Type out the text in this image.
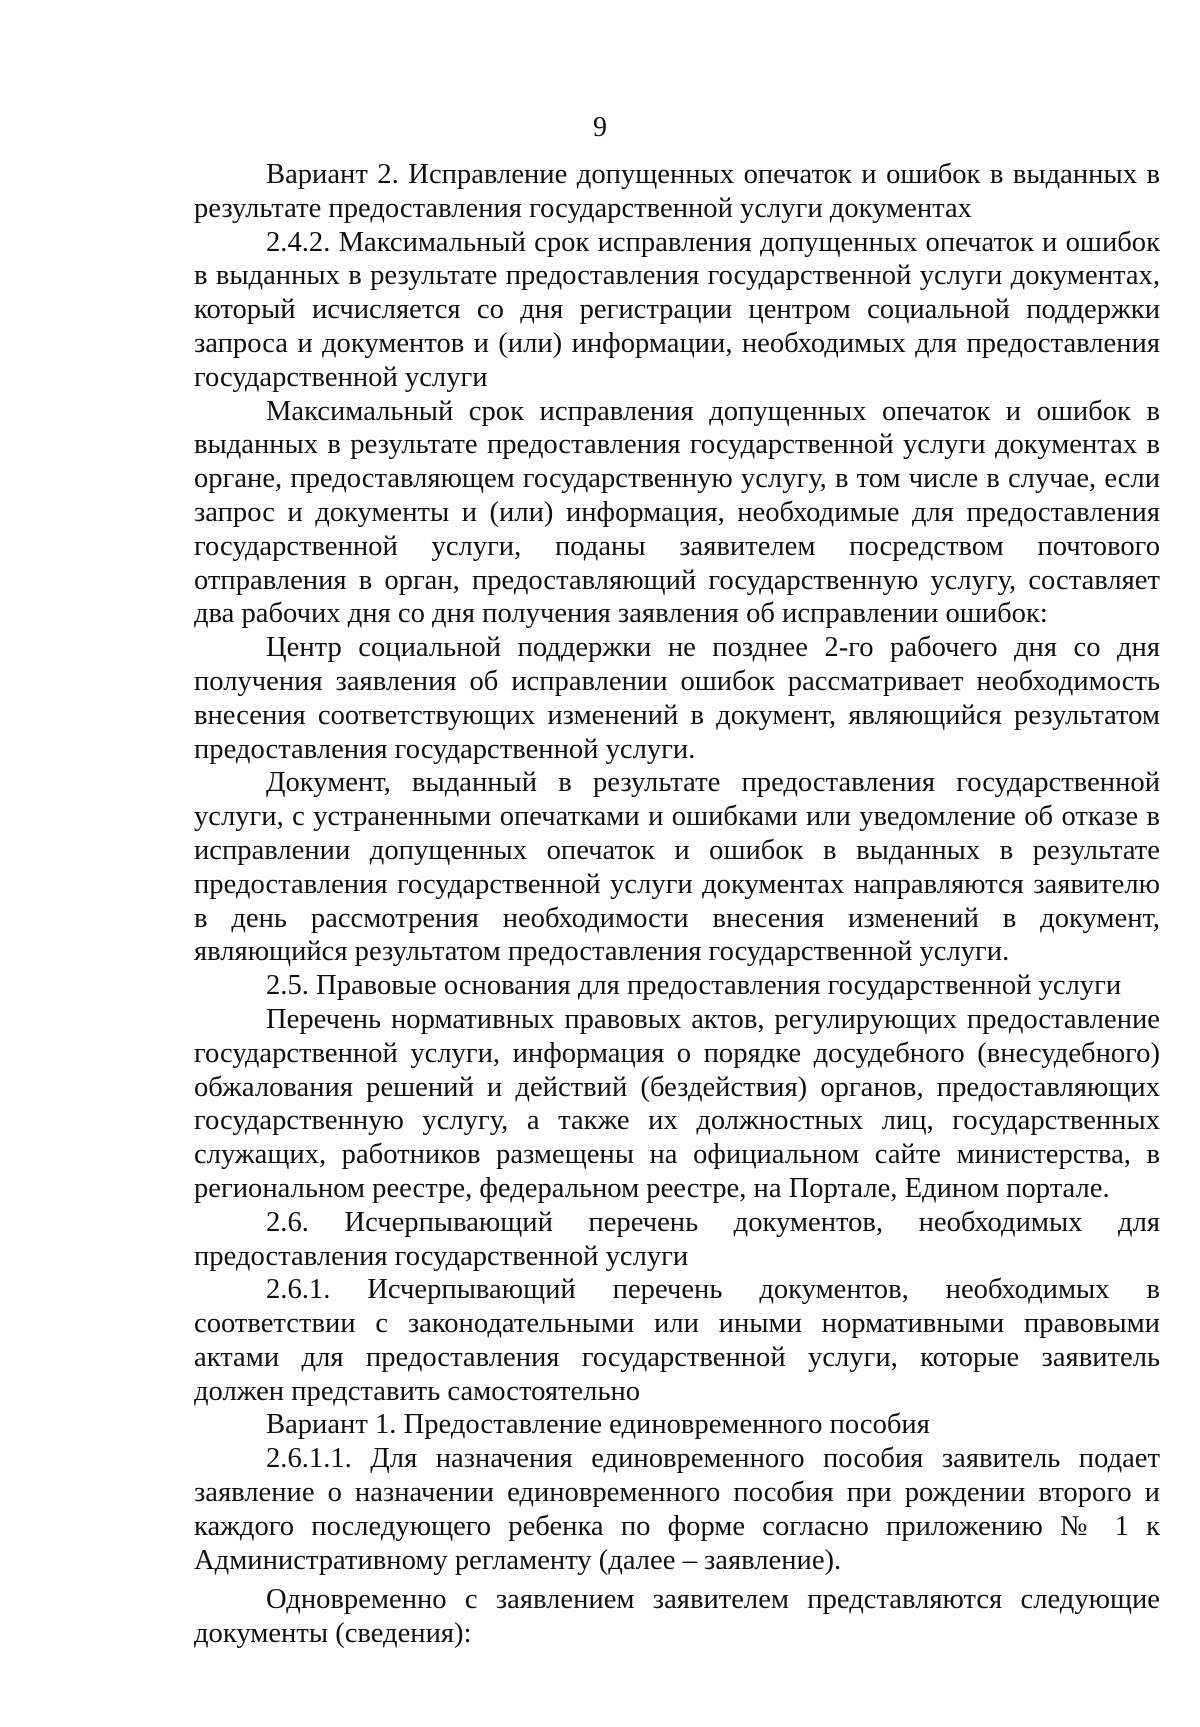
9

Вариант 2. Исправление допущенных опечаток и ошибок в выданных в результате предоставления государственной услуги документах

2.4.2. Максимальный срок исправления допущенных опечаток и ошибок в выданных в результате предоставления государственной услуги документах, который исчисляется со дня регистрации центром социальной поддержки запроса и документов и (или) информации, необходимых для предоставления государственной услуги

Максимальный срок исправления допущенных опечаток и ошибок в выданных в результате предоставления государственной услуги документах в органе, предоставляющем государственную услугу, в том числе в случае, если запрос и документы и (или) информация, необходимые для предоставления государственной услуги, поданы заявителем посредством почтового отправления в орган, предоставляющий государственную услугу, составляет два рабочих дня со дня получения заявления об исправлении ошибок:

Центр социальной поддержки не позднее 2-го рабочего дня со дня получения заявления об исправлении ошибок рассматривает необходимость внесения соответствующих изменений в документ, являющийся результатом предоставления государственной услуги.

Документ, выданный в результате предоставления государственной услуги, с устраненными опечатками и ошибками или уведомление об отказе в исправлении допущенных опечаток и ошибок в выданных в результате предоставления государственной услуги документах направляются заявителю в день рассмотрения необходимости внесения изменений в документ, являющийся результатом предоставления государственной услуги.

2.5. Правовые основания для предоставления государственной услуги

Перечень нормативных правовых актов, регулирующих предоставление государственной услуги, информация о порядке досудебного (внесудебного) обжалования решений и действий (бездействия) органов, предоставляющих государственную услугу, а также их должностных лиц, государственных служащих, работников размещены на официальном сайте министерства, в региональном реестре, федеральном реестре, на Портале, Едином портале.

2.6. Исчерпывающий перечень документов, необходимых для предоставления государственной услуги

2.6.1. Исчерпывающий перечень документов, необходимых в соответствии с законодательными или иными нормативными правовыми актами для предоставления государственной услуги, которые заявитель должен представить самостоятельно

Вариант 1. Предоставление единовременного пособия

2.6.1.1. Для назначения единовременного пособия заявитель подает заявление о назначении единовременного пособия при рождении второго и каждого последующего ребенка по форме согласно приложению № 1 к Административному регламенту (далее – заявление).

Одновременно с заявлением заявителем представляются следующие документы (сведения):
